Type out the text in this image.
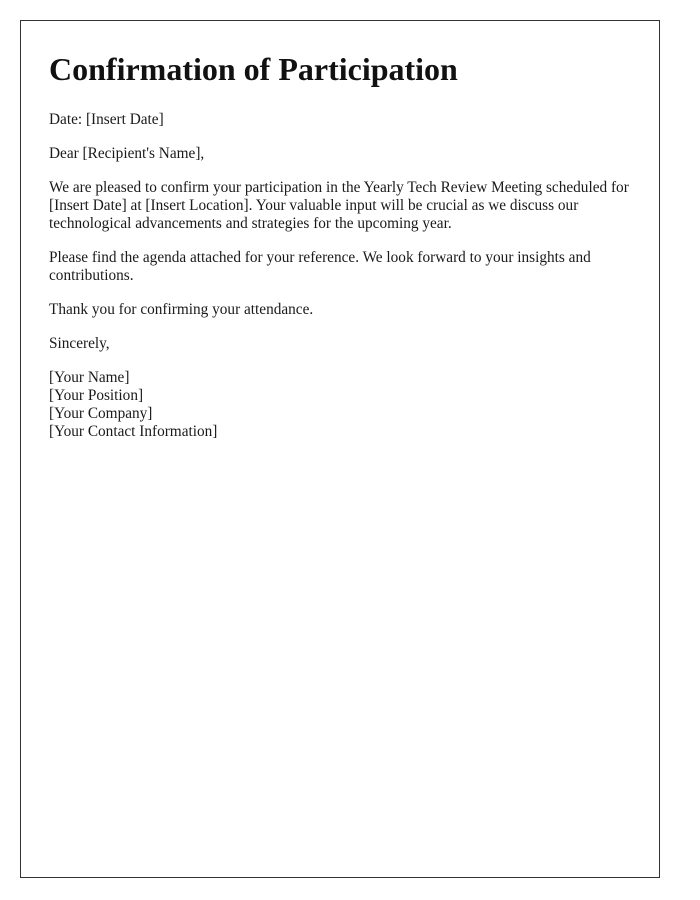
Confirmation of Participation

Date: [Insert Date]

Dear [Recipient's Name],

We are pleased to confirm your participation in the Yearly Tech Review Meeting scheduled for [Insert Date] at [Insert Location]. Your valuable input will be crucial as we discuss our technological advancements and strategies for the upcoming year.

Please find the agenda attached for your reference. We look forward to your insights and contributions.

Thank you for confirming your attendance.

Sincerely,

[Your Name]
[Your Position]
[Your Company]
[Your Contact Information]
